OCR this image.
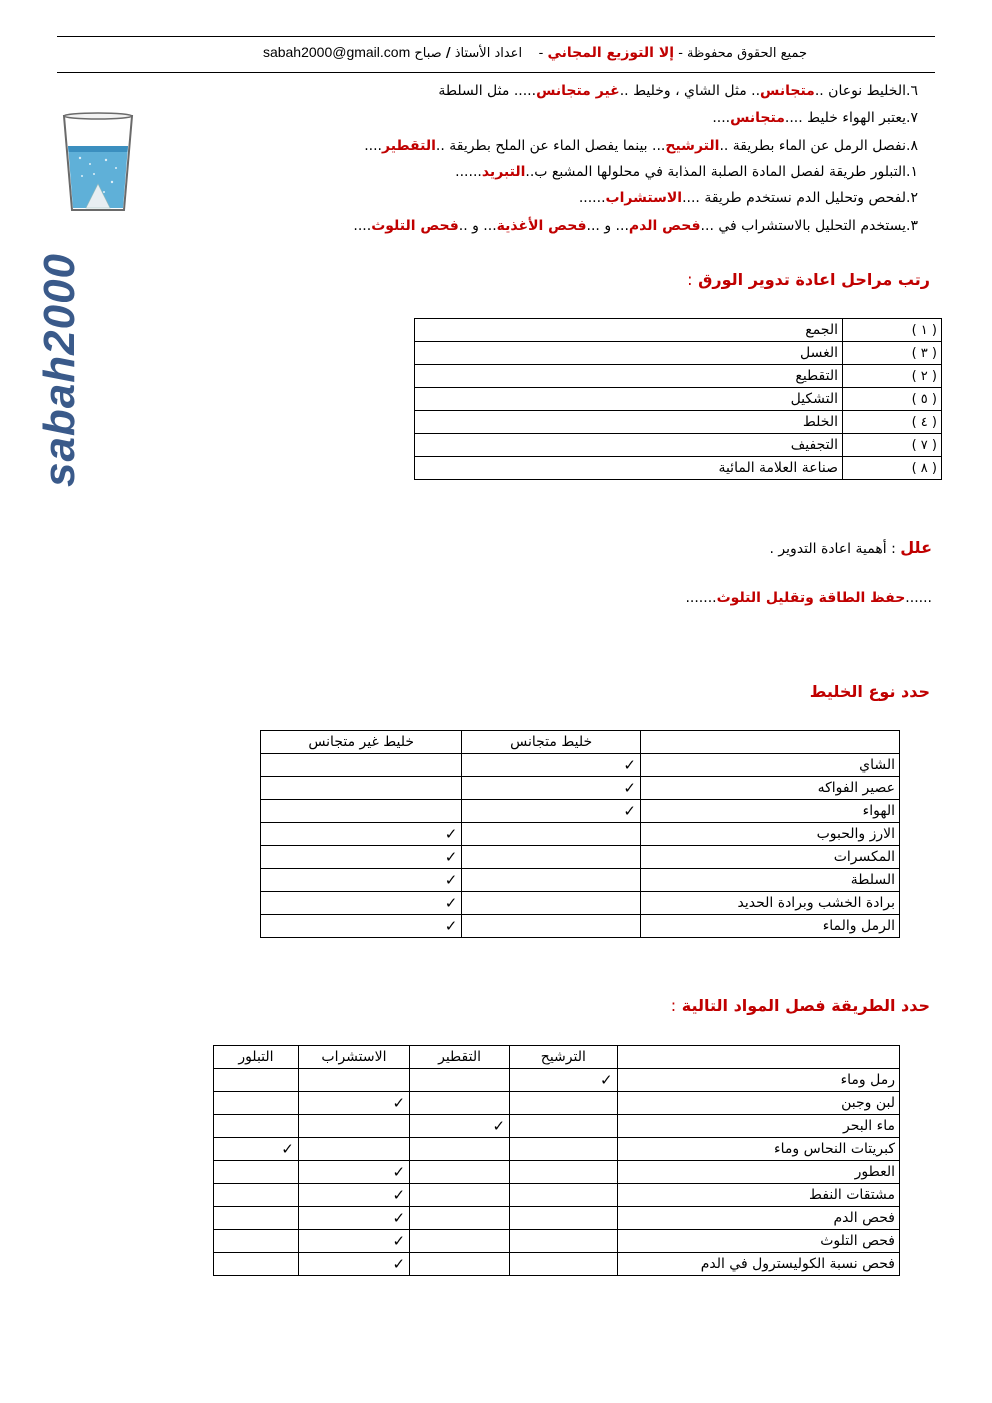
جميع الحقوق محفوظة - إلا التوزيع المجاني -    اعداد الأستاذ / صباح sabah2000@gmail.com
sabah2000
٦.الخليط نوعان ..متجانس.. مثل الشاي ، وخليط ..غير متجانس..... مثل السلطة
٧.يعتبر الهواء خليط ....متجانس....
٨.نفصل الرمل عن الماء بطريقة ..الترشيح... بينما يفصل الماء عن الملح بطريقة ..التقطير....
١.التبلور طريقة لفصل المادة الصلبة المذابة في محلولها المشبع ب..التبريد......
٢.لفحص وتحليل الدم نستخدم طريقة ....الاستشراب......
٣.يستخدم التحليل بالاستشراب في ...فحص الدم... و ...فحص الأغذية... و ..فحص التلوث....
رتب مراحل اعادة تدوير الورق :
( ١ )	الجمع
( ٣ )	الغسل
( ٢ )	التقطيع
( ٥ )	التشكيل
( ٤ )	الخلط
( ٧ )	التجفيف
( ٨ )	صناعة العلامة المائية
علل : أهمية اعادة التدوير .
......حفظ الطاقة وتقليل التلوث.......
حدد نوع الخليط
	خليط متجانس	خليط غير متجانس
الشاي	✓	
عصير الفواكه	✓	
الهواء	✓	
الارز والحبوب		✓
المكسرات		✓
السلطة		✓
برادة الخشب وبرادة الحديد		✓
الرمل والماء		✓
حدد الطريقة فصل المواد التالية :
	الترشيح	التقطير	الاستشراب	التبلور
رمل وماء	✓			
لبن وجبن			✓	
ماء البحر		✓		
كبريتات النحاس وماء				✓
العطور			✓	
مشتقات النفط			✓	
فحص الدم			✓	
فحص التلوث			✓	
فحص نسبة الكوليسترول في الدم			✓	
